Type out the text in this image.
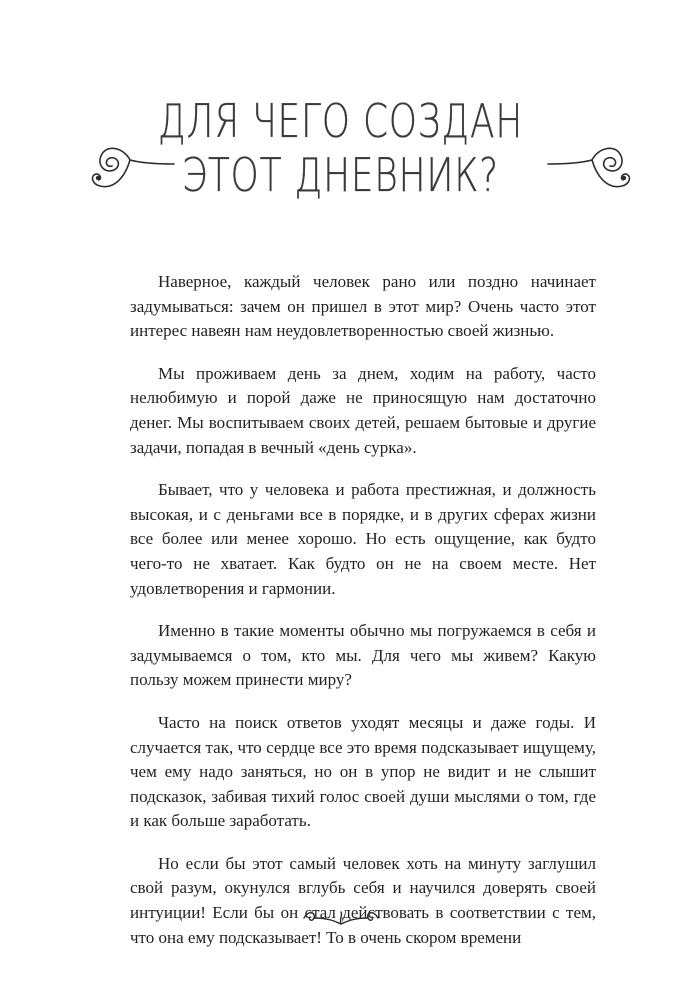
ДЛЯ ЧЕГО СОЗДАН
ЭТОТ ДНЕВНИК?

Наверное, каждый человек рано или поздно начинает задумываться: зачем он пришел в этот мир? Очень часто этот интерес навеян нам неудовлетворенностью своей жизнью.

Мы проживаем день за днем, ходим на работу, часто нелюбимую и порой даже не приносящую нам достаточно денег. Мы воспитываем своих детей, решаем бытовые и другие задачи, попадая в вечный «день сурка».

Бывает, что у человека и работа престижная, и должность высокая, и с деньгами все в порядке, и в других сферах жизни все более или менее хорошо. Но есть ощущение, как будто чего-то не хватает. Как будто он не на своем месте. Нет удовлетворения и гармонии.

Именно в такие моменты обычно мы погружаемся в себя и задумываемся о том, кто мы. Для чего мы живем? Какую пользу можем принести миру?

Часто на поиск ответов уходят месяцы и даже годы. И случается так, что сердце все это время подсказывает ищущему, чем ему надо заняться, но он в упор не видит и не слышит подсказок, забивая тихий голос своей души мыслями о том, где и как больше заработать.

Но если бы этот самый человек хоть на минуту заглушил свой разум, окунулся вглубь себя и научился доверять своей интуиции! Если бы он стал действовать в соответствии с тем, что она ему подсказывает! То в очень скором времени
